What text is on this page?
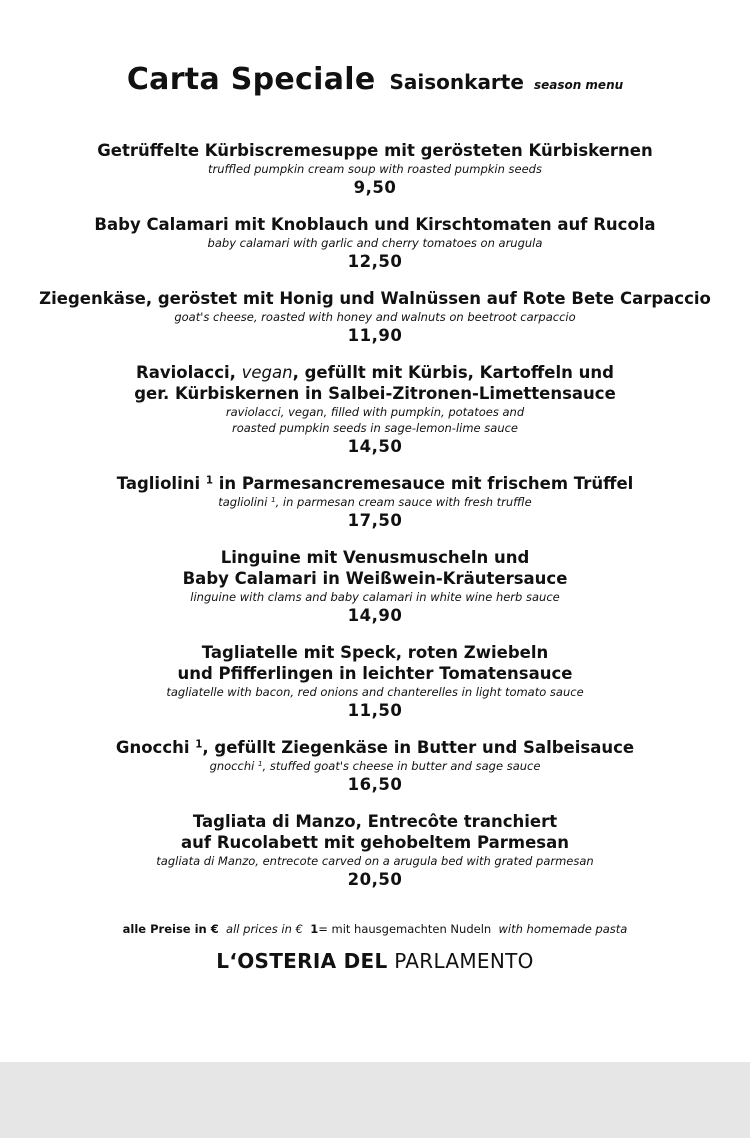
Carta Speciale Saisonkarte season menu
Getrüffelte Kürbiscremesuppe mit gerösteten Kürbiskernen
truffled pumpkin cream soup with roasted pumpkin seeds
9,50
Baby Calamari mit Knoblauch und Kirschtomaten auf Rucola
baby calamari with garlic and cherry tomatoes on arugula
12,50
Ziegenkäse, geröstet mit Honig und Walnüssen auf Rote Bete Carpaccio
goat's cheese, roasted with honey and walnuts on beetroot carpaccio
11,90
Raviolacci, vegan, gefüllt mit Kürbis, Kartoffeln und
ger. Kürbiskernen in Salbei-Zitronen-Limettensauce
raviolacci, vegan, filled with pumpkin, potatoes and
roasted pumpkin seeds in sage-lemon-lime sauce
14,50
Tagliolini $^1$ in Parmesancremesauce mit frischem Trüffel
tagliolini $^1$, in parmesan cream sauce with fresh truffle
17,50
Linguine mit Venusmuscheln und
Baby Calamari in Weißwein-Kräutersauce
linguine with clams and baby calamari in white wine herb sauce
14,90
Tagliatelle mit Speck, roten Zwiebeln
und Pfifferlingen in leichter Tomatensauce
tagliatelle with bacon, red onions and chanterelles in light tomato sauce
11,50
Gnocchi $^1$, gefüllt Ziegenkäse in Butter und Salbeisauce
gnocchi $^1$, stuffed goat's cheese in butter and sage sauce
16,50
Tagliata di Manzo, Entrecôte tranchiert
auf Rucolabett mit gehobeltem Parmesan
tagliata di Manzo, entrecote carved on a arugula bed with grated parmesan
20,50
alle Preise in € all prices in € 1= mit hausgemachten Nudeln with homemade pasta
L‘OSTERIA DEL PARLAMENTO
